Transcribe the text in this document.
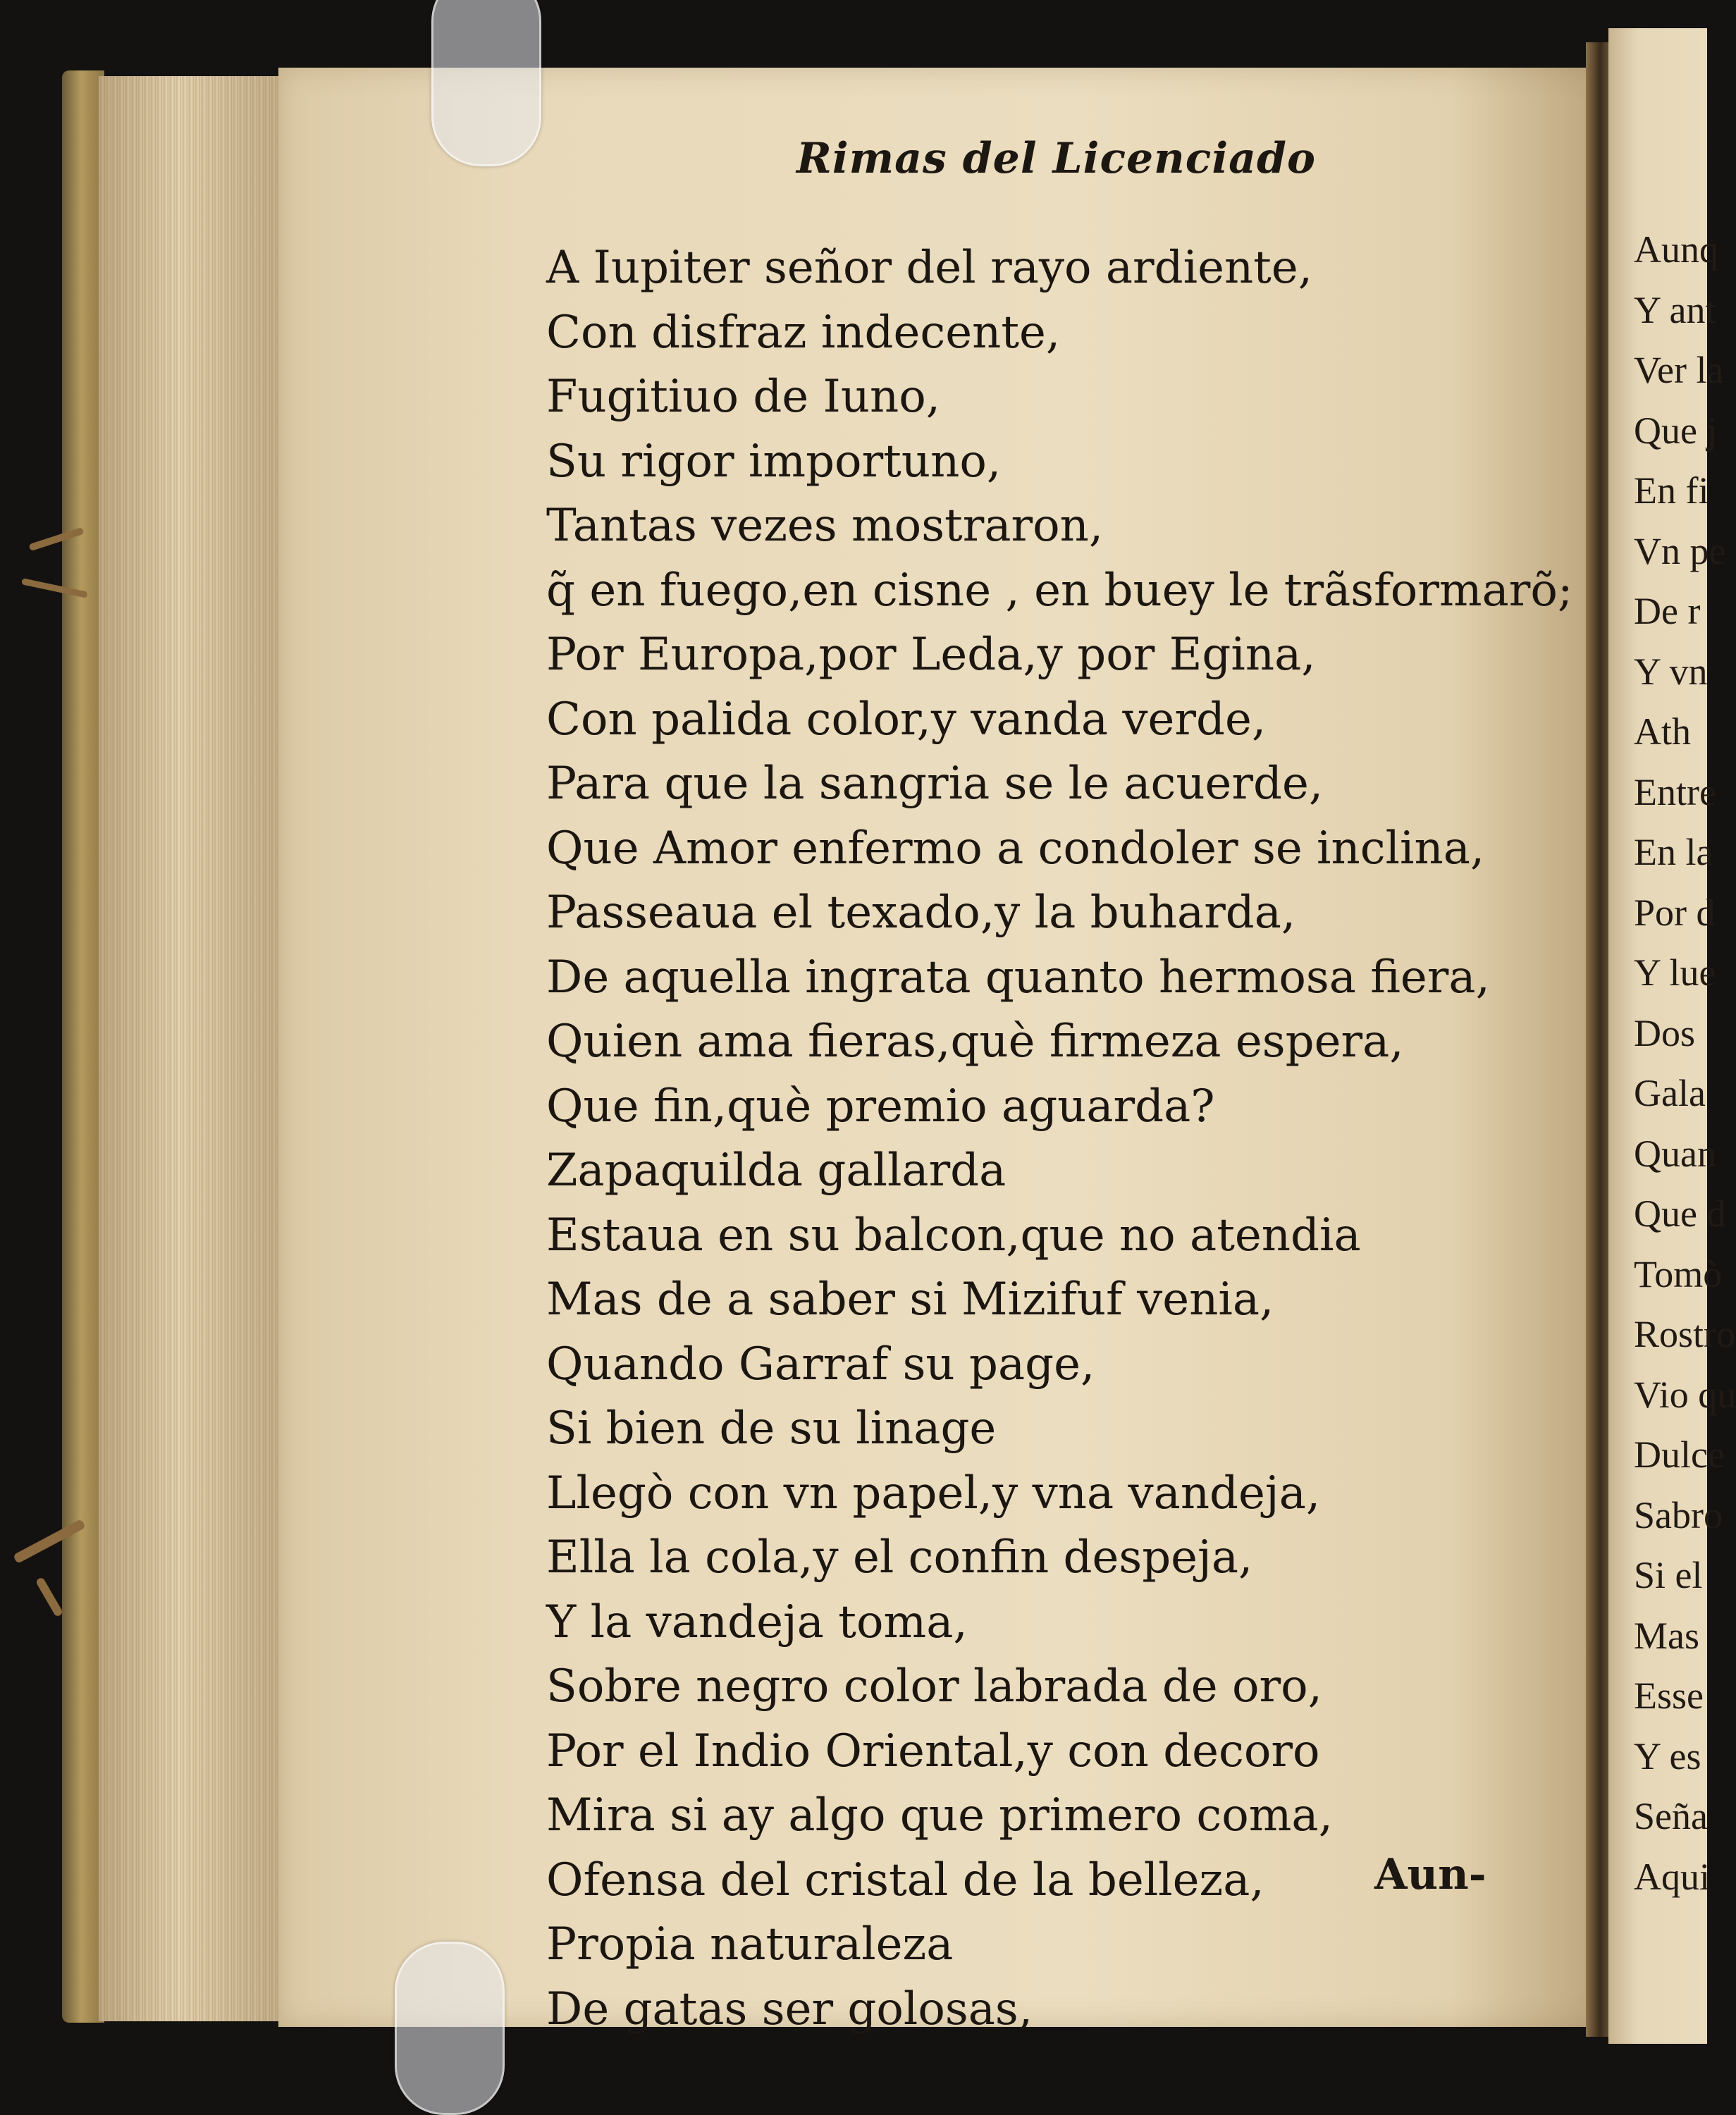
Rimas del Licenciado
A Iupiter señor del rayo ardiente,
Con disfraz indecente,
Fugitiuo de Iuno,
Su rigor importuno,
Tantas vezes mostraron,
q̃ en fuego,en cisne , en buey le trãsformarõ;
Por Europa,por Leda,y por Egina,
Con palida color,y vanda verde,
Para que la sangria se le acuerde,
Que Amor enfermo a condoler se inclina,
Passeaua el texado,y la buharda,
De aquella ingrata quanto hermosa fiera,
Quien ama fieras,què firmeza espera,
Que fin,què premio aguarda?
Zapaquilda gallarda
Estaua en su balcon,que no atendia
Mas de a saber si Mizifuf venia,
Quando Garraf su page,
Si bien de su linage
Llegò con vn papel,y vna vandeja,
Ella la cola,y el confin despeja,
Y la vandeja toma,
Sobre negro color labrada de oro,
Por el Indio Oriental,y con decoro
Mira si ay algo que primero coma,
Ofensa del cristal de la belleza,
Propia naturaleza
De gatas ser golosas,
Aun-
Aunq
Y ant
Ver la
Que j
En fi
Vn pe
De r
Y vn
Ath
Entre
En la
Por d
Y lue
Dos
Gala
Quan
Que d
Tomò
Rostro
Vio qu
Dulce
Sabro
Si el
Mas
Esse
Y es
Seña
Aqui
